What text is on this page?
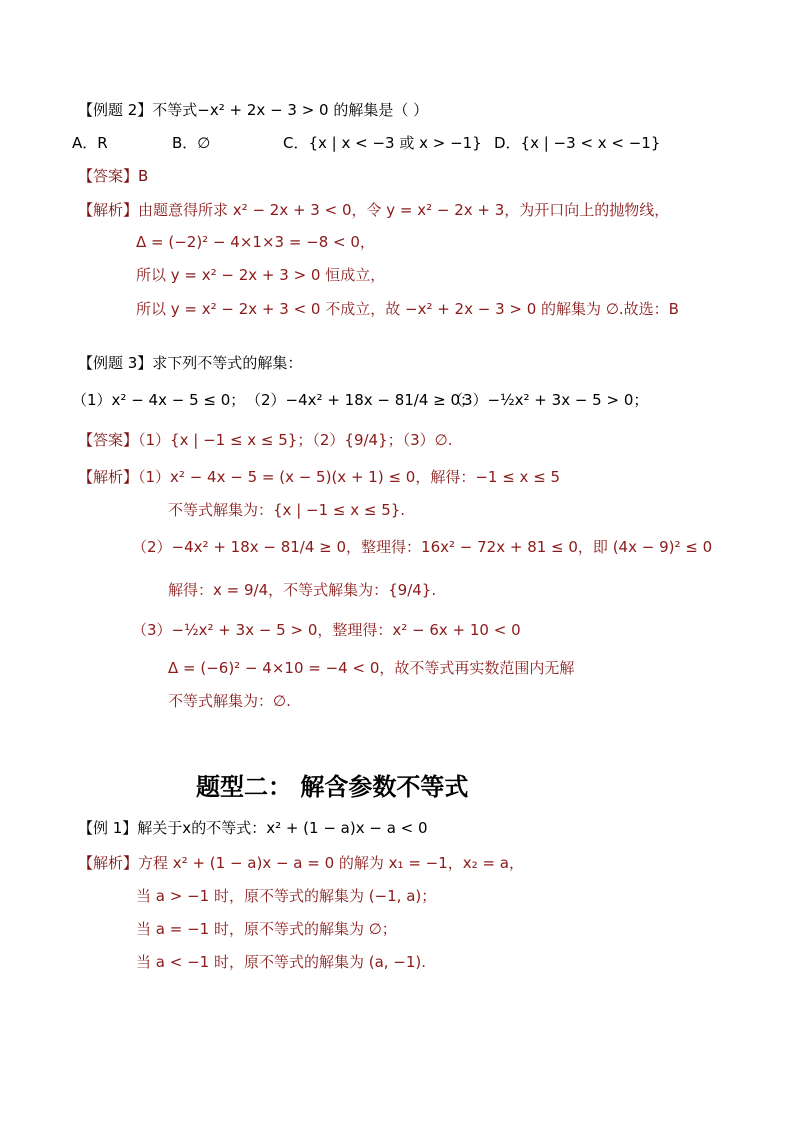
【例题 2】不等式−x² + 2x − 3 > 0 的解集是（ ）
A．R	B．∅	C．{x | x < −3 或 x > −1} D．{x | −3 < x < −1}
【答案】B
【解析】由题意得所求 x² − 2x + 3 < 0，令 y = x² − 2x + 3，为开口向上的抛物线，
Δ = (−2)² − 4×1×3 = −8 < 0，
所以 y = x² − 2x + 3 > 0 恒成立，
所以 y = x² − 2x + 3 < 0 不成立，故 −x² + 2x − 3 > 0 的解集为 ∅.故选：B
【例题 3】求下列不等式的解集：
（1）x² − 4x − 5 ≤ 0； （2）−4x² + 18x − 81/4 ≥ 0；
（3）−½x² + 3x − 5 > 0；
【答案】（1）{x | −1 ≤ x ≤ 5}；（2）{9/4}；（3）∅.
【解析】（1）x² − 4x − 5 = (x − 5)(x + 1) ≤ 0，解得：−1 ≤ x ≤ 5
不等式解集为：{x | −1 ≤ x ≤ 5}.
（2）−4x² + 18x − 81/4 ≥ 0，整理得：16x² − 72x + 81 ≤ 0，即 (4x − 9)² ≤ 0
解得：x = 9/4，不等式解集为：{9/4}.
（3）−½x² + 3x − 5 > 0，整理得：x² − 6x + 10 < 0
Δ = (−6)² − 4×10 = −4 < 0，故不等式再实数范围内无解
不等式解集为：∅.
题型二： 解含参数不等式
【例 1】解关于x的不等式：x² + (1 − a)x − a < 0
【解析】方程 x² + (1 − a)x − a = 0 的解为 x₁ = −1，x₂ = a，
当 a > −1 时，原不等式的解集为 (−1, a)；
当 a = −1 时，原不等式的解集为 ∅；
当 a < −1 时，原不等式的解集为 (a, −1).
